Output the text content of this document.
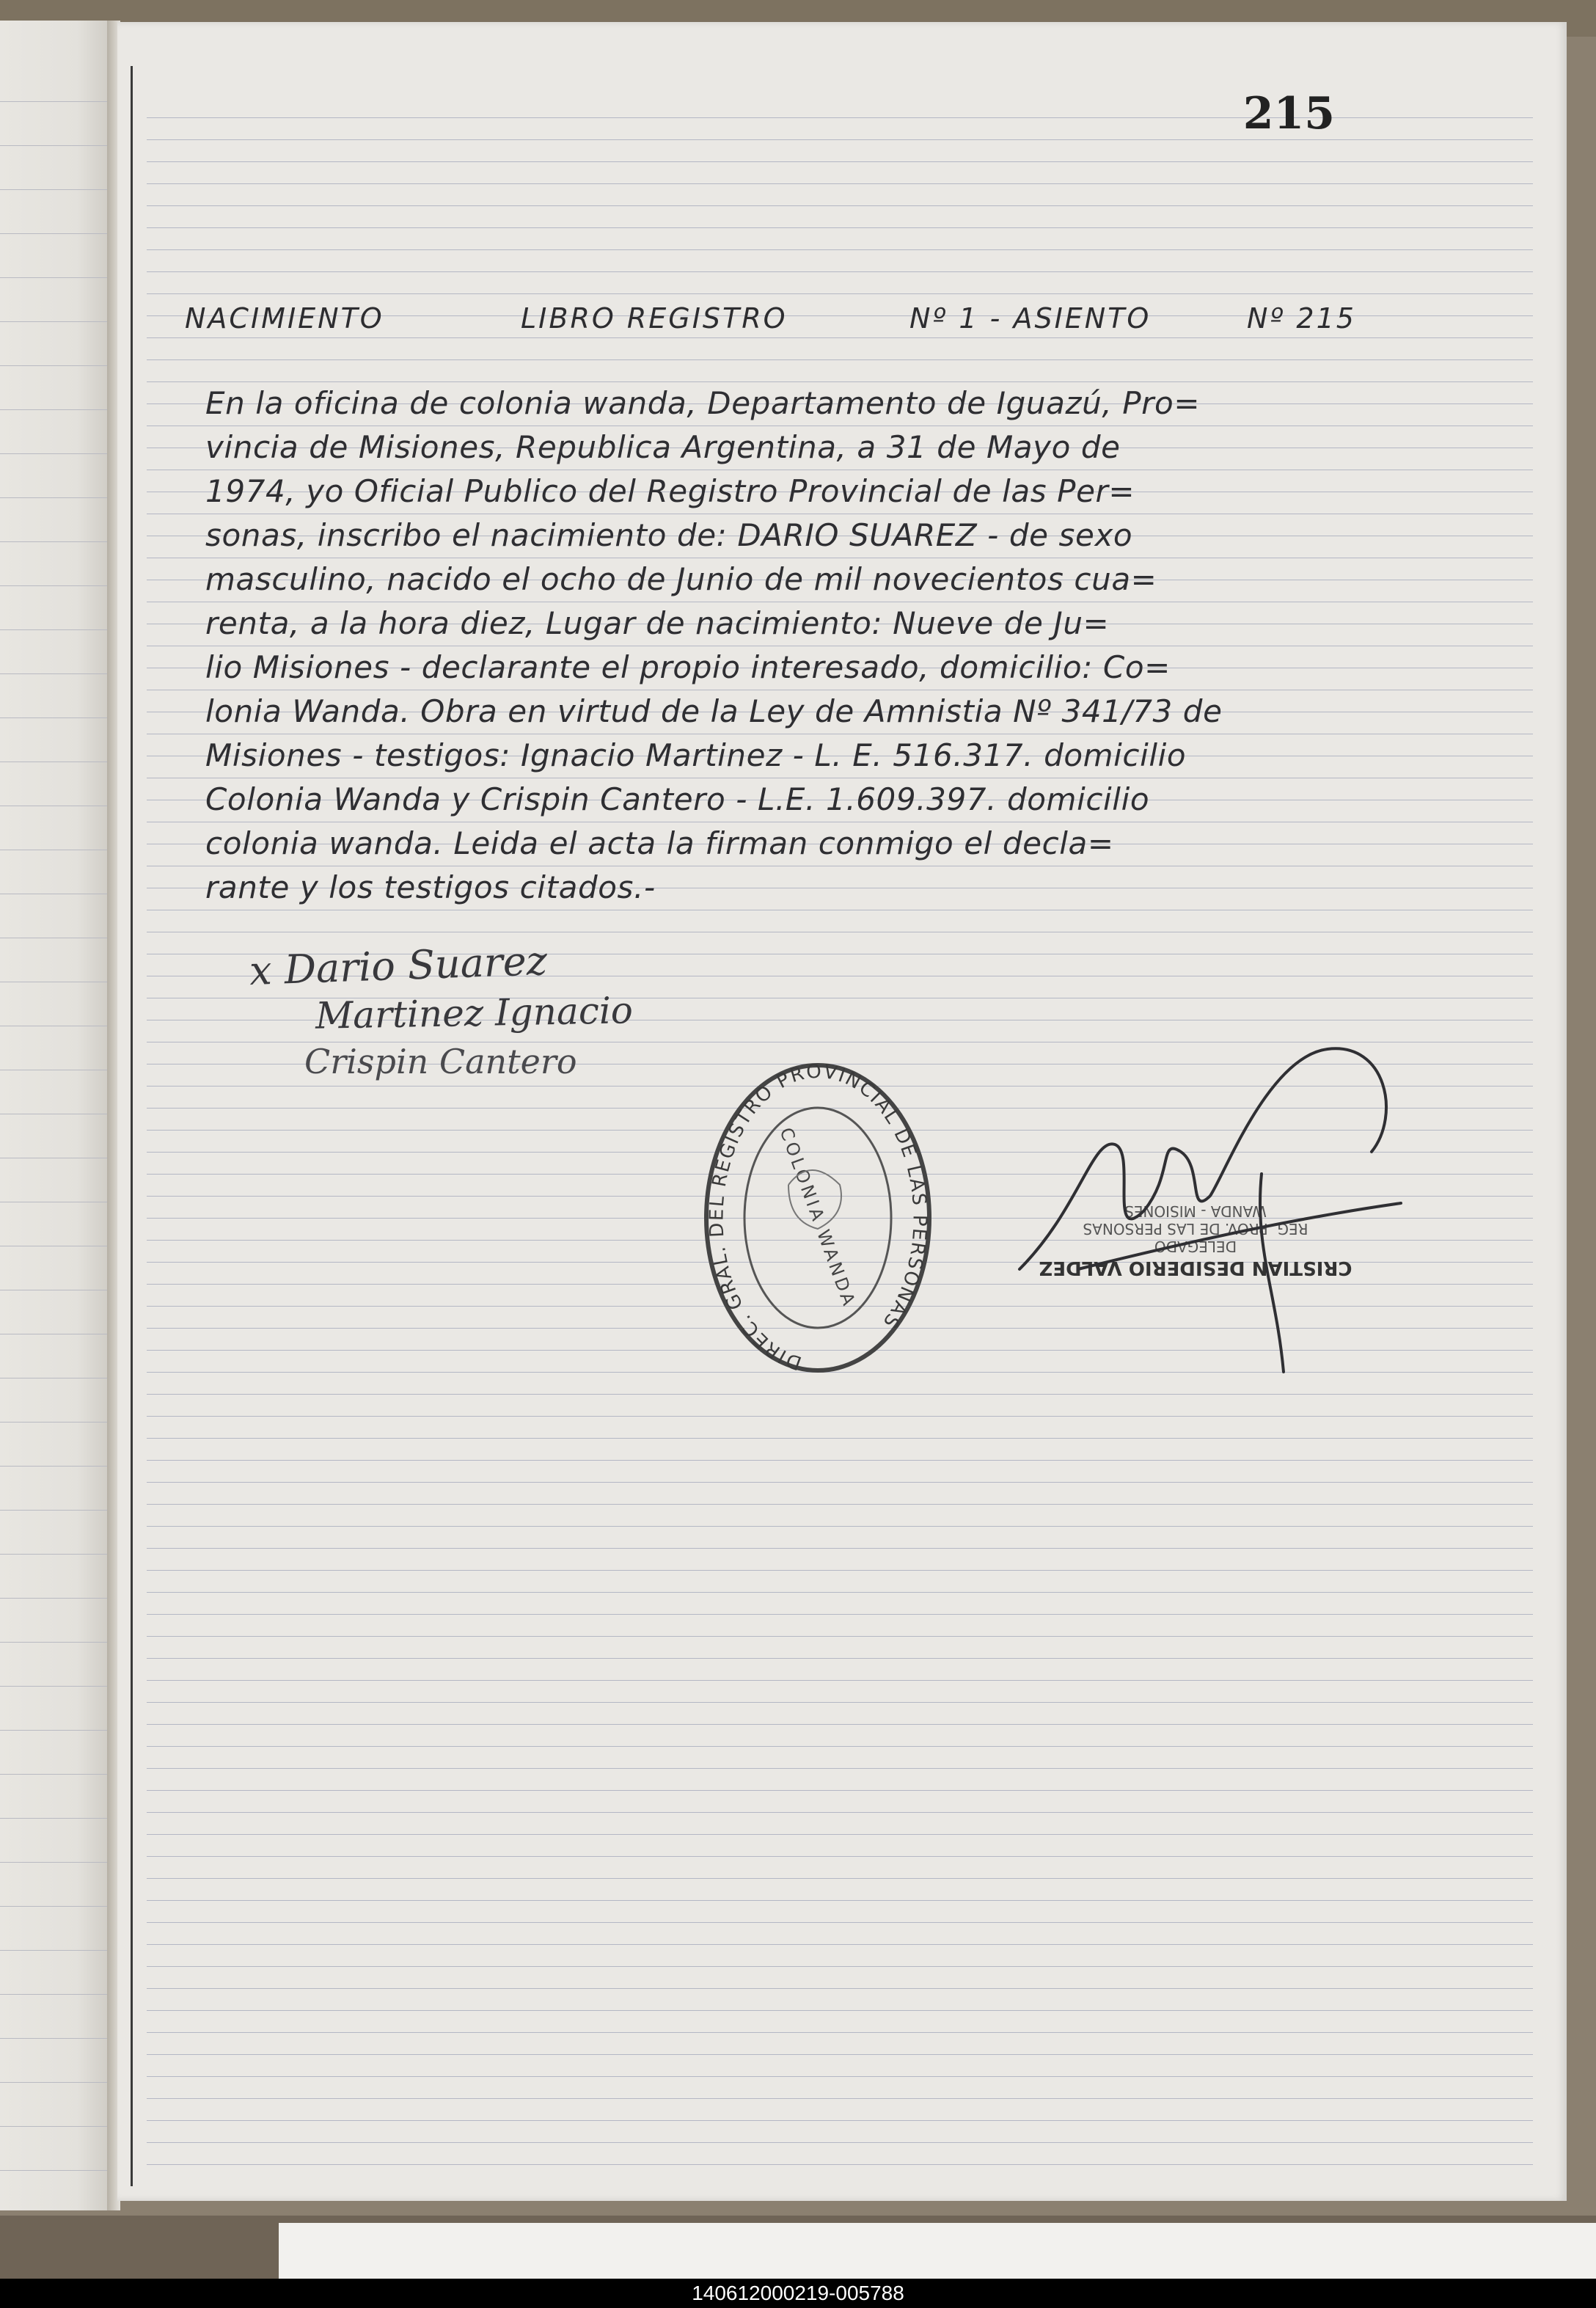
215
NACIMIENTO	LIBRO REGISTRO	Nº 1 - ASIENTO	Nº 215
En la oficina de colonia wanda, Departamento de Iguazú, Pro=
vincia de Misiones, Republica Argentina, a 31 de Mayo de
1974, yo Oficial Publico del Registro Provincial de las Per=
sonas, inscribo el nacimiento de: DARIO SUAREZ - de sexo
masculino, nacido el ocho de Junio de mil novecientos cua=
renta, a la hora diez, Lugar de nacimiento: Nueve de Ju=
lio Misiones - declarante el propio interesado, domicilio: Co=
lonia Wanda. Obra en virtud de la Ley de Amnistia Nº 341/73 de
Misiones - testigos: Ignacio Martinez - L. E. 516.317. domicilio
Colonia Wanda y Crispin Cantero - L.E. 1.609.397. domicilio
colonia wanda. Leida el acta la firman conmigo el decla=
rante y los testigos citados.-
x Dario Suarez
Martinez Ignacio
Crispin Cantero
DIREC. GRAL. DEL REGISTRO PROVINCIAL DE LAS PERSONAS
COLONIA WANDA	CRISTIAN DESIDERIO VALDEZ
DELEGADO
REG. PROV. DE LAS PERSONAS
WANDA - MISIONES
140612000219-005788
